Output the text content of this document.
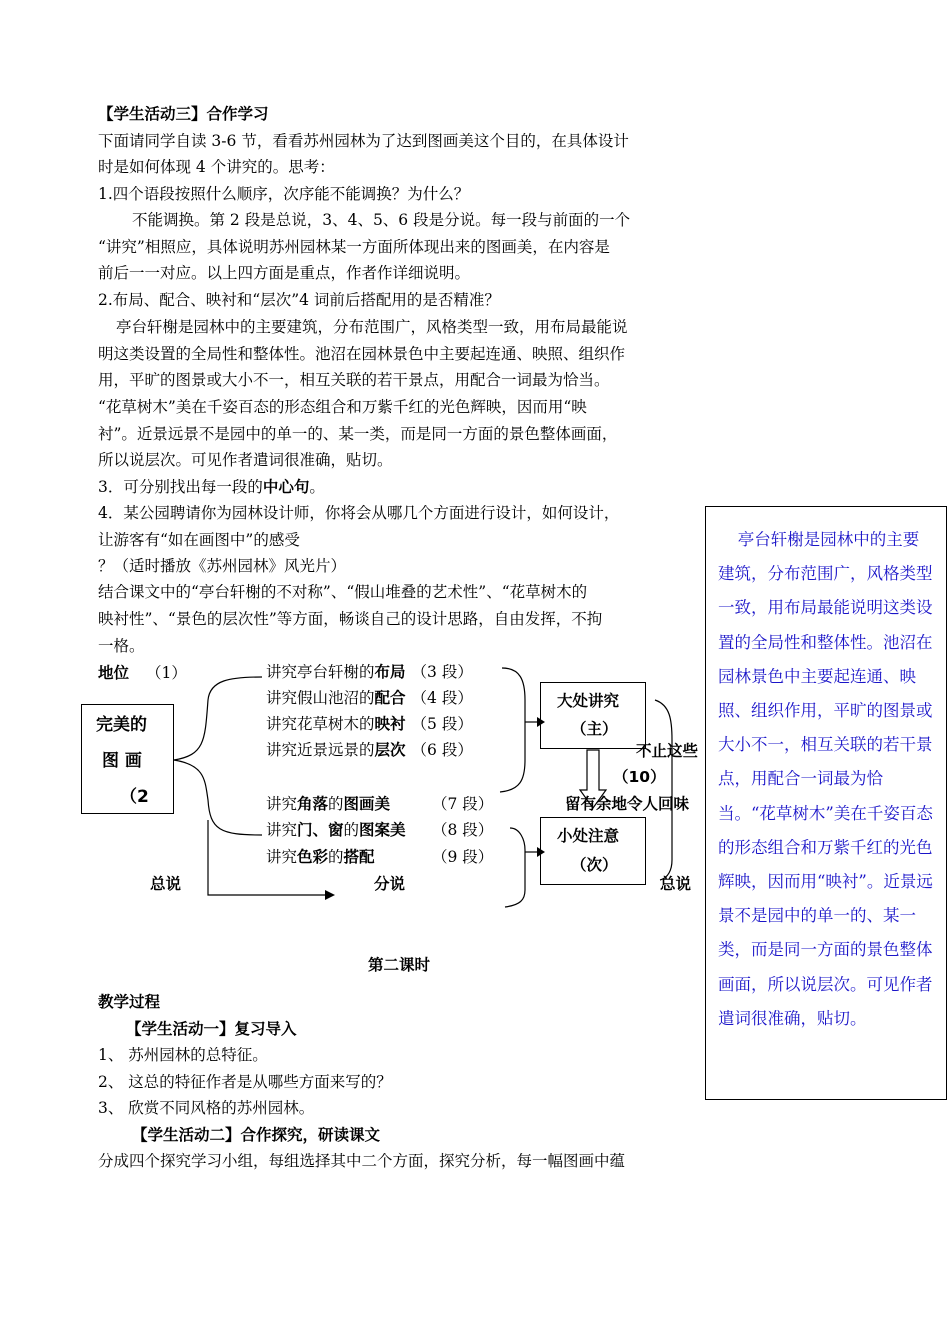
【学生活动三】合作学习
下面请同学自读 3-6 节，看看苏州园林为了达到图画美这个目的，在具体设计
时是如何体现 4 个讲究的。思考：
1.四个语段按照什么顺序，次序能不能调换？为什么？
不能调换。第 2 段是总说，3、4、5、6 段是分说。每一段与前面的一个
“讲究”相照应，具体说明苏州园林某一方面所体现出来的图画美，在内容是
前后一一对应。以上四方面是重点，作者作详细说明。
2.布局、配合、映衬和“层次”4 词前后搭配用的是否精准？
亭台轩榭是园林中的主要建筑，分布范围广，风格类型一致，用布局最能说
明这类设置的全局性和整体性。池沼在园林景色中主要起连通、映照、组织作
用，平旷的图景或大小不一，相互关联的若干景点，用配合一词最为恰当。
“花草树木”美在千姿百态的形态组合和万紫千红的光色辉映，因而用“映
衬”。近景远景不是园中的单一的、某一类，而是同一方面的景色整体画面，
所以说层次。可见作者遣词很准确，贴切。
3．可分别找出每一段的中心句。
4．某公园聘请你为园林设计师，你将会从哪几个方面进行设计，如何设计，
让游客有“如在画图中”的感受
？（适时播放《苏州园林》风光片）
结合课文中的“亭台轩榭的不对称”、“假山堆叠的艺术性”、“花草树木的
映衬性”、“景色的层次性”等方面，畅谈自己的设计思路，自由发挥，不拘
一格。
地位 （1）
完美的
图 画
（2
讲究亭台轩榭的布局 （3 段）
讲究假山池沼的配合 （4 段）
讲究花草树木的映衬 （5 段）
讲究近景远景的层次 （6 段）
讲究角落的图画美	（7 段）
讲究门、窗的图案美 （8 段）
讲究色彩的搭配	（9 段）
大处讲究
（主）
小处注意
（次）
不止这些
（10）
留有余地令人回味
总说	分说	总说

亭台轩榭是园林中的主要建筑，分布范围广，风格类型一致，用布局最能说明这类设置的全局性和整体性。池沼在园林景色中主要起连通、映照、组织作用，平旷的图景或大小不一，相互关联的若干景点，用配合一词最为恰当。“花草树木”美在千姿百态的形态组合和万紫千红的光色辉映，因而用“映衬”。近景远景不是园中的单一的、某一类，而是同一方面的景色整体画面，所以说层次。可见作者遣词很准确，贴切。

第二课时
教学过程
【学生活动一】复习导入
1、 苏州园林的总特征。
2、 这总的特征作者是从哪些方面来写的？
3、 欣赏不同风格的苏州园林。
【学生活动二】合作探究，研读课文
分成四个探究学习小组，每组选择其中二个方面，探究分析，每一幅图画中蕴
